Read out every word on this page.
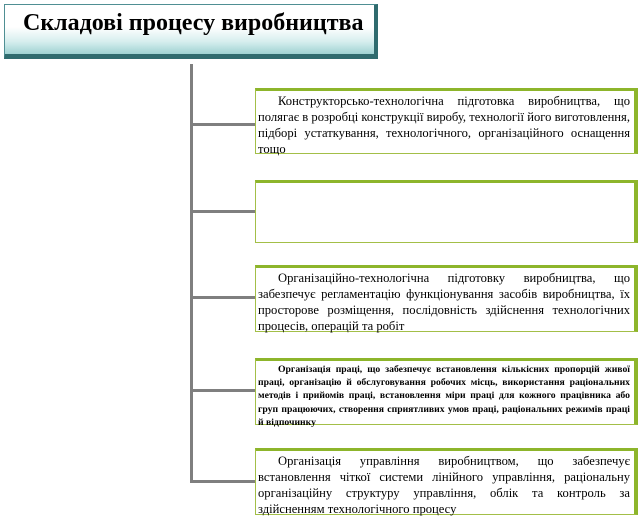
Складові процесу виробництва
Конструкторсько-технологічна підготовка виробництва, що полягає в розробці конструкції виробу, технології його виготовлення, підборі устаткування, технологічного, організаційного оснащення тощо
Організаційно-технологічна підготовку виробництва, що забезпечує регламентацію функціонування засобів виробництва, їх просторове розміщення, послідовність здійснення технологічних процесів, операцій та робіт
Організація праці, що забезпечує встановлення кількісних пропорцій живої праці, організацію й обслуговування робочих місць, використання раціональних методів і прийомів праці, встановлення міри праці для кожного працівника або груп працюючих, створення сприятливих умов праці, раціональних режимів праці й відпочинку
Організація управління виробництвом, що забезпечує встановлення чіткої системи лінійного управління, раціональну організаційну структуру управління, облік та контроль за здійсненням технологічного процесу
